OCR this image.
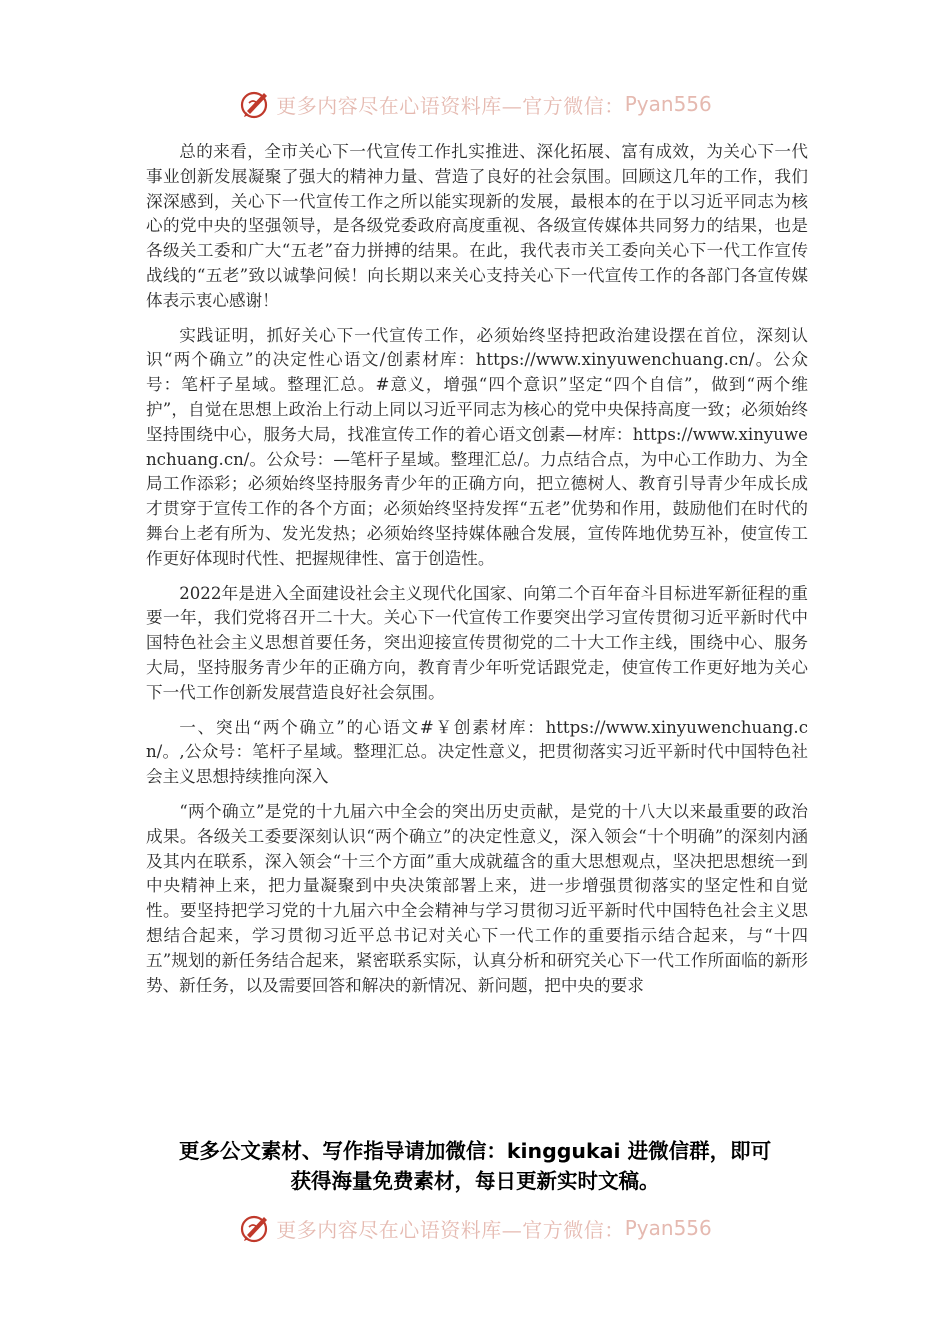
更多内容尽在心语资料库—官方微信： Pyan556

总的来看，全市关心下一代宣传工作扎实推进、深化拓展、富有成效，为关心下一代事业创新发展凝聚了强大的精神力量、营造了良好的社会氛围。回顾这几年的工作，我们深深感到，关心下一代宣传工作之所以能实现新的发展，最根本的在于以习近平同志为核心的党中央的坚强领导，是各级党委政府高度重视、各级宣传媒体共同努力的结果，也是各级关工委和广大“五老”奋力拼搏的结果。在此，我代表市关工委向关心下一代工作宣传战线的“五老”致以诚挚问候！向长期以来关心支持关心下一代宣传工作的各部门各宣传媒体表示衷心感谢！

实践证明，抓好关心下一代宣传工作，必须始终坚持把政治建设摆在首位，深刻认识“两个确立”的决定性心语文/创素材库：https://www.xinyuwenchuang.cn/。公众号：笔杆子星域。整理汇总。#意义，增强“四个意识”坚定“四个自信”，做到“两个维护”，自觉在思想上政治上行动上同以习近平同志为核心的党中央保持高度一致；必须始终坚持围绕中心，服务大局，找准宣传工作的着心语文创素—材库：https://www.xinyuwenchuang.cn/。公众号：—笔杆子星域。整理汇总/。力点结合点，为中心工作助力、为全局工作添彩；必须始终坚持服务青少年的正确方向，把立德树人、教育引导青少年成长成才贯穿于宣传工作的各个方面；必须始终坚持发挥“五老”优势和作用，鼓励他们在时代的舞台上老有所为、发光发热；必须始终坚持媒体融合发展，宣传阵地优势互补，使宣传工作更好体现时代性、把握规律性、富于创造性。

2022年是进入全面建设社会主义现代化国家、向第二个百年奋斗目标进军新征程的重要一年，我们党将召开二十大。关心下一代宣传工作要突出学习宣传贯彻习近平新时代中国特色社会主义思想首要任务，突出迎接宣传贯彻党的二十大工作主线，围绕中心、服务大局，坚持服务青少年的正确方向，教育青少年听党话跟党走，使宣传工作更好地为关心下一代工作创新发展营造良好社会氛围。

一、突出“两个确立”的心语文#￥创素材库：https://www.xinyuwenchuang.cn/。,公众号：笔杆子星域。整理汇总。决定性意义，把贯彻落实习近平新时代中国特色社会主义思想持续推向深入

“两个确立”是党的十九届六中全会的突出历史贡献，是党的十八大以来最重要的政治成果。各级关工委要深刻认识“两个确立”的决定性意义，深入领会“十个明确”的深刻内涵及其内在联系，深入领会“十三个方面”重大成就蕴含的重大思想观点，坚决把思想统一到中央精神上来，把力量凝聚到中央决策部署上来，进一步增强贯彻落实的坚定性和自觉性。要坚持把学习党的十九届六中全会精神与学习贯彻习近平新时代中国特色社会主义思想结合起来，学习贯彻习近平总书记对关心下一代工作的重要指示结合起来，与“十四五”规划的新任务结合起来，紧密联系实际，认真分析和研究关心下一代工作所面临的新形势、新任务，以及需要回答和解决的新情况、新问题，把中央的要求

更多公文素材、写作指导请加微信：kinggukai 进微信群，即可
获得海量免费素材，每日更新实时文稿。
更多内容尽在心语资料库—官方微信： Pyan556
